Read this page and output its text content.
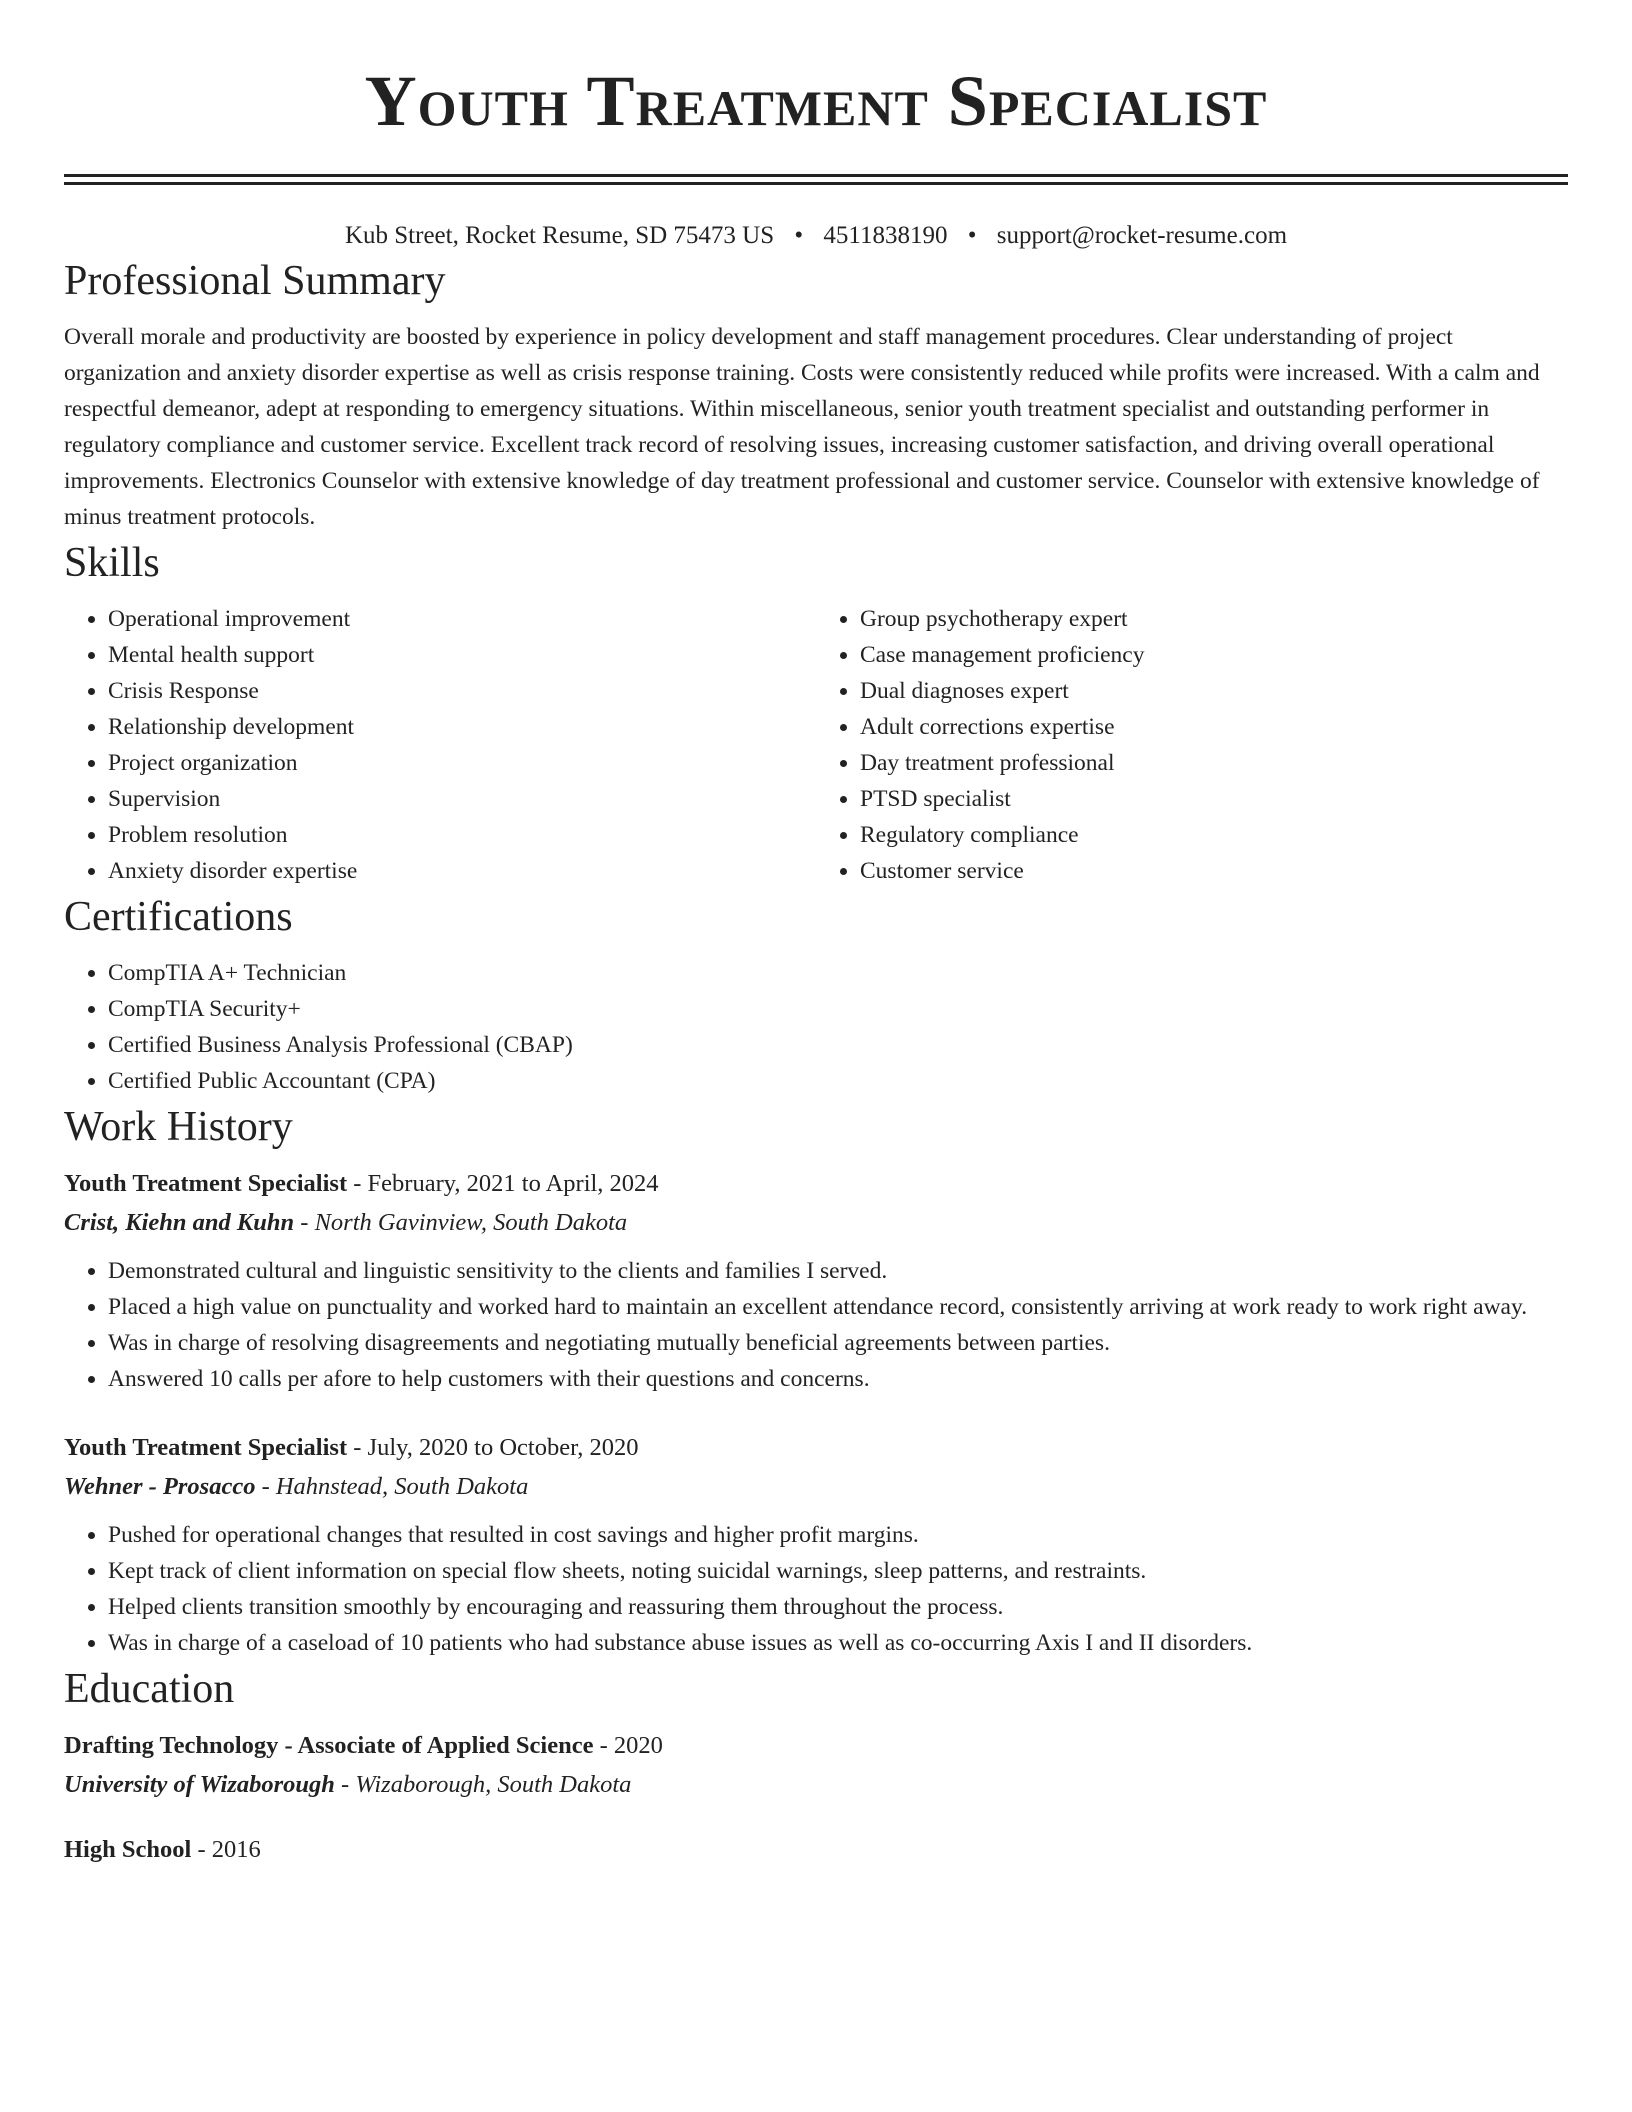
Youth Treatment Specialist
Kub Street, Rocket Resume, SD 75473 US • 4511838190 • support@rocket-resume.com
Professional Summary
Overall morale and productivity are boosted by experience in policy development and staff management procedures. Clear understanding of project organization and anxiety disorder expertise as well as crisis response training. Costs were consistently reduced while profits were increased. With a calm and respectful demeanor, adept at responding to emergency situations. Within miscellaneous, senior youth treatment specialist and outstanding performer in regulatory compliance and customer service. Excellent track record of resolving issues, increasing customer satisfaction, and driving overall operational improvements. Electronics Counselor with extensive knowledge of day treatment professional and customer service. Counselor with extensive knowledge of minus treatment protocols.
Skills
• Operational improvement
• Mental health support
• Crisis Response
• Relationship development
• Project organization
• Supervision
• Problem resolution
• Anxiety disorder expertise
• Group psychotherapy expert
• Case management proficiency
• Dual diagnoses expert
• Adult corrections expertise
• Day treatment professional
• PTSD specialist
• Regulatory compliance
• Customer service
Certifications
• CompTIA A+ Technician
• CompTIA Security+
• Certified Business Analysis Professional (CBAP)
• Certified Public Accountant (CPA)
Work History
Youth Treatment Specialist - February, 2021 to April, 2024
Crist, Kiehn and Kuhn - North Gavinview, South Dakota
• Demonstrated cultural and linguistic sensitivity to the clients and families I served.
• Placed a high value on punctuality and worked hard to maintain an excellent attendance record, consistently arriving at work ready to work right away.
• Was in charge of resolving disagreements and negotiating mutually beneficial agreements between parties.
• Answered 10 calls per afore to help customers with their questions and concerns.
Youth Treatment Specialist - July, 2020 to October, 2020
Wehner - Prosacco - Hahnstead, South Dakota
• Pushed for operational changes that resulted in cost savings and higher profit margins.
• Kept track of client information on special flow sheets, noting suicidal warnings, sleep patterns, and restraints.
• Helped clients transition smoothly by encouraging and reassuring them throughout the process.
• Was in charge of a caseload of 10 patients who had substance abuse issues as well as co-occurring Axis I and II disorders.
Education
Drafting Technology - Associate of Applied Science - 2020
University of Wizaborough - Wizaborough, South Dakota
High School - 2016
